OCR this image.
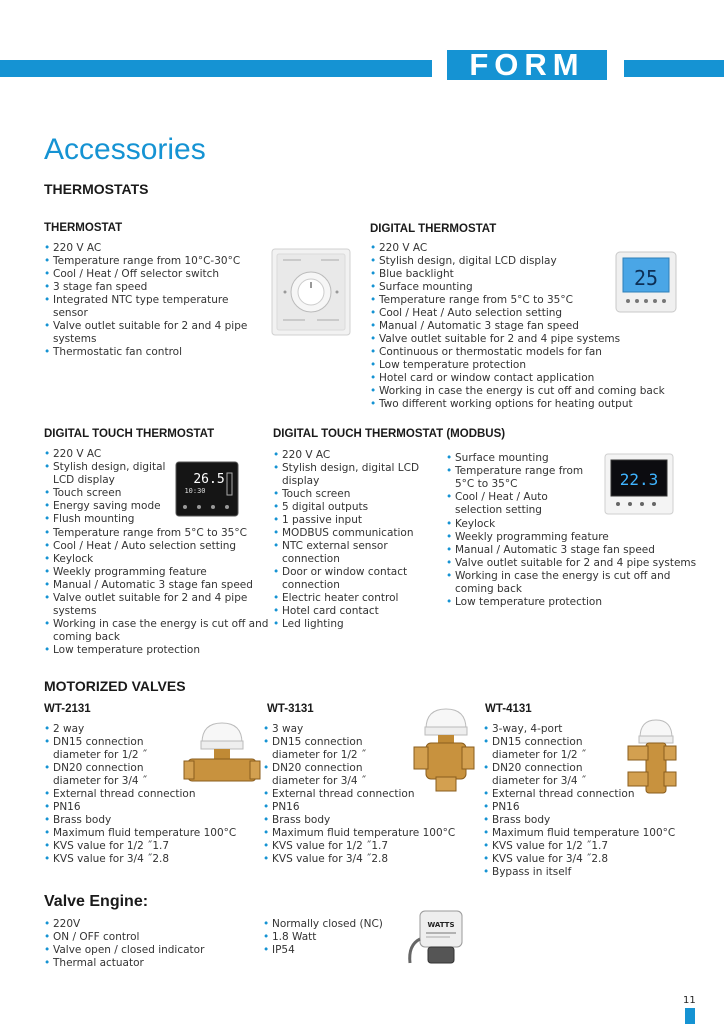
FORM
Accessories
THERMOSTATS
THERMOSTAT
• 220 V AC
• Temperature range from 10°C-30°C
• Cool / Heat / Off selector switch
• 3 stage fan speed
• Integrated NTC type temperature sensor
• Valve outlet suitable for 2 and 4 pipe systems
• Thermostatic fan control
DIGITAL THERMOSTAT
• 220 V AC
• Stylish design, digital LCD display
• Blue backlight
• Surface mounting
• Temperature range from 5°C to 35°C
• Cool / Heat / Auto selection setting
• Manual / Automatic 3 stage fan speed
• Valve outlet suitable for 2 and 4 pipe systems
• Continuous or thermostatic models for fan
• Low temperature protection
• Hotel card or window contact application
• Working in case the energy is cut off and coming back
• Two different working options for heating output
25
DIGITAL TOUCH THERMOSTAT
• 220 V AC
• Stylish design, digital LCD display
• Touch screen
• Energy saving mode
• Flush mounting
• Temperature range from 5°C to 35°C
• Cool / Heat / Auto selection setting
• Keylock
• Weekly programming feature
• Manual / Automatic 3 stage fan speed
• Valve outlet suitable for 2 and 4 pipe systems
• Working in case the energy is cut off and coming back
• Low temperature protection
26.5
10:30
DIGITAL TOUCH THERMOSTAT (MODBUS)
• 220 V AC
• Stylish design, digital LCD display
• Touch screen
• 5 digital outputs
• 1 passive input
• MODBUS communication
• NTC external sensor connection
• Door or window contact connection
• Electric heater control
• Hotel card contact
• Led lighting
• Surface mounting
• Temperature range from 5°C to 35°C
• Cool / Heat / Auto selection setting
• Keylock
• Weekly programming feature
• Manual / Automatic 3 stage fan speed
• Valve outlet suitable for 2 and 4 pipe systems
• Working in case the energy is cut off and coming back
• Low temperature protection
22.3
MOTORIZED VALVES
WT-2131
• 2 way
• DN15 connection diameter for 1/2 ˝
• DN20 connection diameter for 3/4 ˝
• External thread connection
• PN16
• Brass body
• Maximum fluid temperature 100°C
• KVS value for 1/2 ˝1.7
• KVS value for 3/4 ˝2.8
WT-3131
• 3 way
• DN15 connection diameter for 1/2 ˝
• DN20 connection diameter for 3/4 ˝
• External thread connection
• PN16
• Brass body
• Maximum fluid temperature 100°C
• KVS value for 1/2 ˝1.7
• KVS value for 3/4 ˝2.8
WT-4131
• 3-way, 4-port
• DN15 connection diameter for 1/2 ˝
• DN20 connection diameter for 3/4 ˝
• External thread connection
• PN16
• Brass body
• Maximum fluid temperature 100°C
• KVS value for 1/2 ˝1.7
• KVS value for 3/4 ˝2.8
• Bypass in itself
Valve Engine:
• 220V
• ON / OFF control
• Valve open / closed indicator
• Thermal actuator
• Normally closed (NC)
• 1.8 Watt
• IP54
WATTS
11
